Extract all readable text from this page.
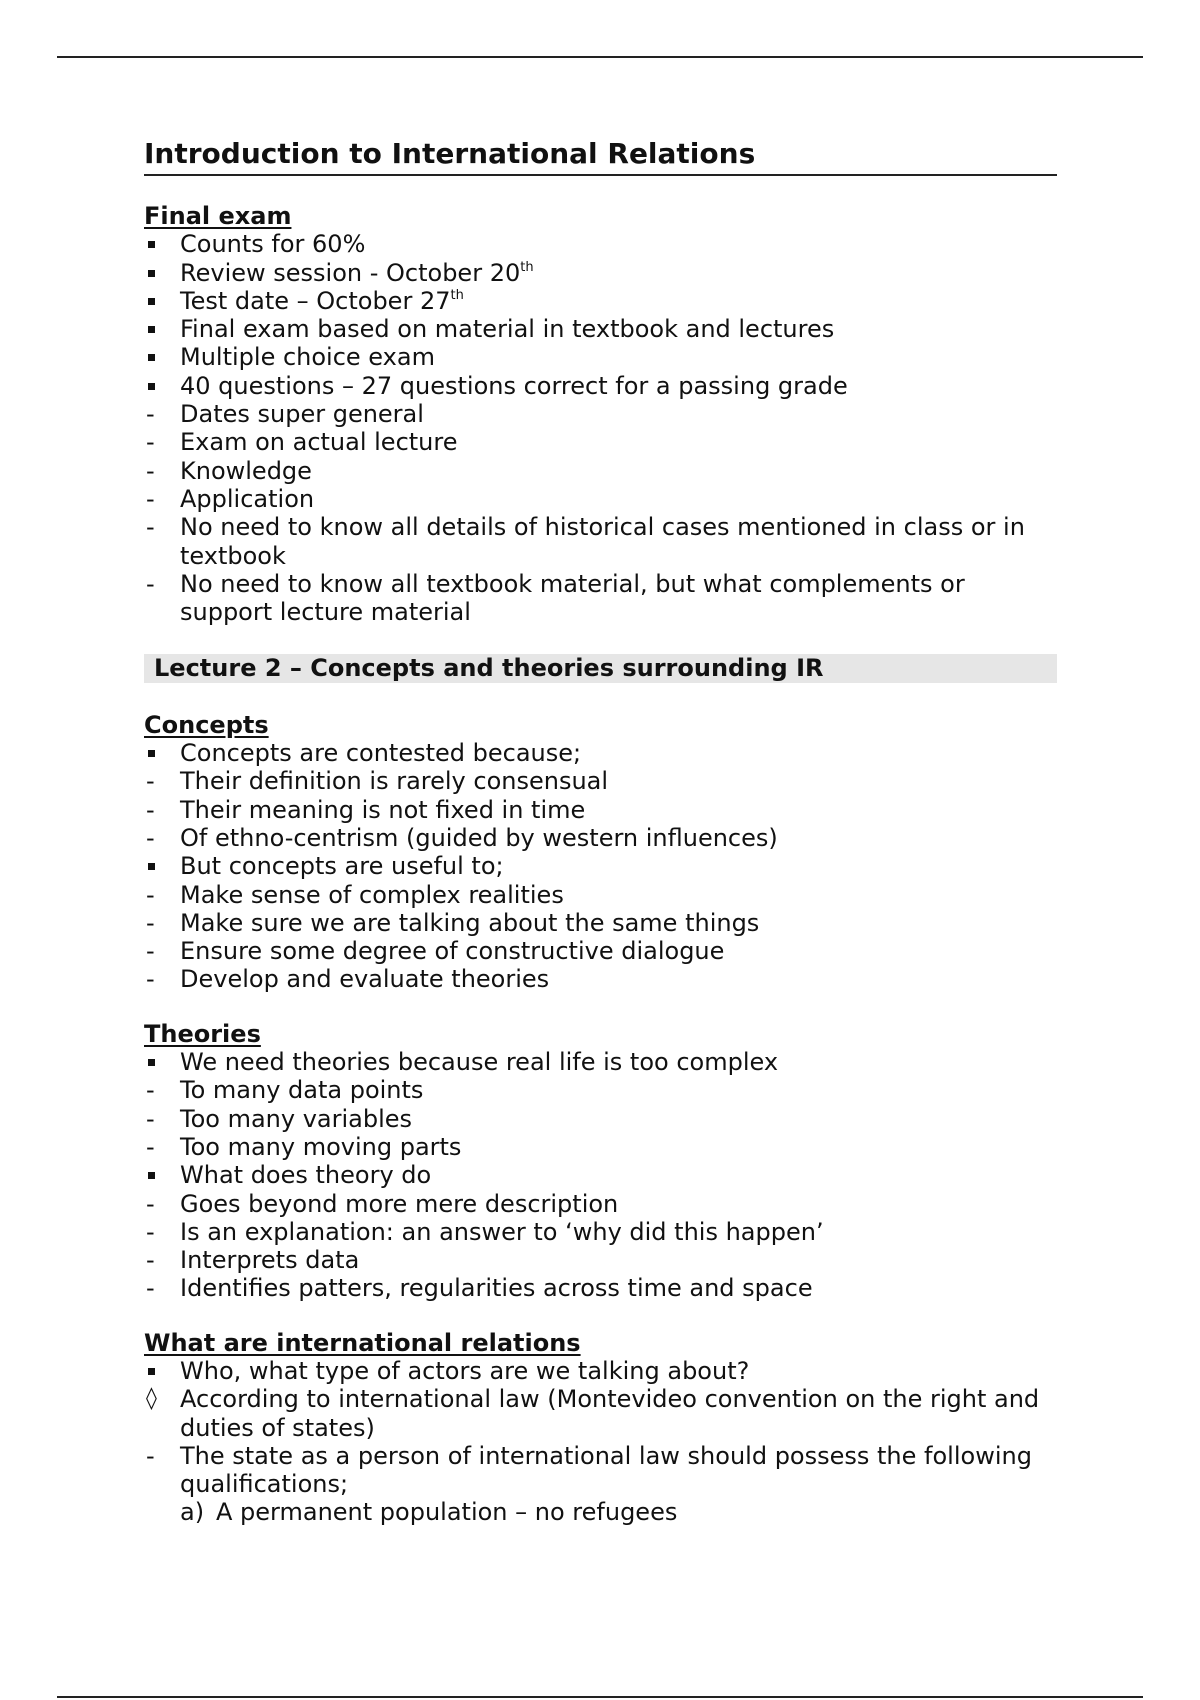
Introduction to International Relations
Final exam
Counts for 60%
Review session - October 20th
Test date – October 27th
Final exam based on material in textbook and lectures
Multiple choice exam
40 questions – 27 questions correct for a passing grade
Dates super general
Exam on actual lecture
Knowledge
Application
No need to know all details of historical cases mentioned in class or in textbook
No need to know all textbook material, but what complements or support lecture material
Lecture 2 – Concepts and theories surrounding IR
Concepts
Concepts are contested because;
Their definition is rarely consensual
Their meaning is not fixed in time
Of ethno-centrism (guided by western influences)
But concepts are useful to;
Make sense of complex realities
Make sure we are talking about the same things
Ensure some degree of constructive dialogue
Develop and evaluate theories
Theories
We need theories because real life is too complex
To many data points
Too many variables
Too many moving parts
What does theory do
Goes beyond more mere description
Is an explanation: an answer to ‘why did this happen’
Interprets data
Identifies patters, regularities across time and space
What are international relations
Who, what type of actors are we talking about?
According to international law (Montevideo convention on the right and duties of states)
The state as a person of international law should possess the following qualifications;
a) A permanent population – no refugees
